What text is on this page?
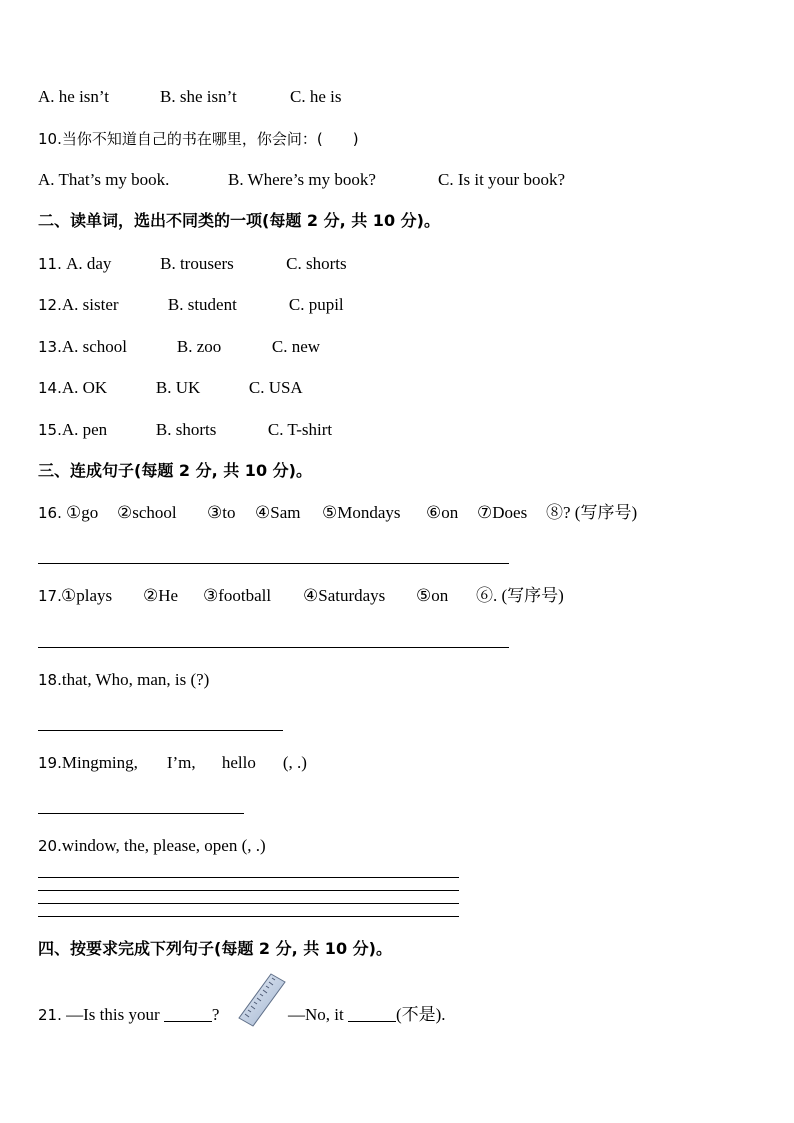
A. he isn’t	B. she isn’t	C. he is
10.当你不知道自己的书在哪里，你会问：(　　)
A. That’s my book.	B. Where’s my book?	C. Is it your book?
二、读单词，选出不同类的一项(每题 2 分, 共 10 分)。
11. A. day	B. trousers	C. shorts
12.A. sister	B. student	C. pupil
13.A. school	B. zoo	C. new
14.A. OK	B. UK	C. USA
15.A. pen	B. shorts	C. T-shirt
三、连成句子(每题 2 分, 共 10 分)。
16. ①go ②school ③to ④Sam ⑤Mondays ⑥on ⑦Does ⑧? (写序号)
17.①plays ②He ③football ④Saturdays ⑤on ⑥. (写序号)
18.that, Who, man, is (?)
19.Mingming, I’m, hello (, .)
20.window, the, please, open (, .)
四、按要求完成下列句子(每题 2 分, 共 10 分)。
21. —Is this your	?	—No, it	(不是).
